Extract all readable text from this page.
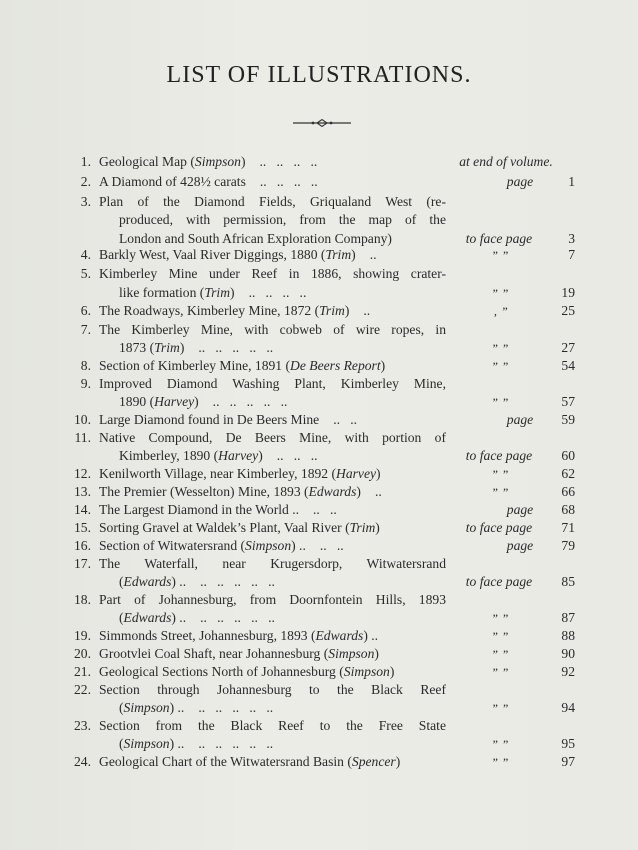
LIST OF ILLUSTRATIONS.
1. Geological Map (Simpson) ..   ..   ..   ..	at end of volume.
2. A Diamond of 428½ carats ..   ..   ..   ..	page	1
3. Plan of the Diamond Fields, Griqualand West (re-
produced, with permission, from the map of the
London and South African Exploration Company)	to face page	3
4. Barkly West, Vaal River Diggings, 1880 (Trim) ..	” ”	7
5. Kimberley Mine under Reef in 1886, showing crater-
like formation (Trim) ..   ..   ..   ..	” ”	19
6. The Roadways, Kimberley Mine, 1872 (Trim) ..	‚ ”	25
7. The Kimberley Mine, with cobweb of wire ropes, in
1873 (Trim) ..   ..   ..   ..   ..	” ”	27
8. Section of Kimberley Mine, 1891 (De Beers Report)	” ”	54
9. Improved Diamond Washing Plant, Kimberley Mine,
1890 (Harvey) ..   ..   ..   ..   ..	” ”	57
10. Large Diamond found in De Beers Mine ..   ..	page	59
11. Native Compound, De Beers Mine, with portion of
Kimberley, 1890 (Harvey) ..   ..   ..	to face page	60
12. Kenilworth Village, near Kimberley, 1892 (Harvey)	” ”	62
13. The Premier (Wesselton) Mine, 1893 (Edwards) ..	” ”	66
14. The Largest Diamond in the World .. ..   ..	page	68
15. Sorting Gravel at Waldek’s Plant, Vaal River (Trim)	to face page	71
16. Section of Witwatersrand (Simpson) .. ..   ..	page	79
17. The Waterfall, near Krugersdorp, Witwatersrand
(Edwards) .. ..   ..   ..   ..   ..	to face page	85
18. Part of Johannesburg, from Doornfontein Hills, 1893
(Edwards) .. ..   ..   ..   ..   ..	” ”	87
19. Simmonds Street, Johannesburg, 1893 (Edwards) ..	” ”	88
20. Grootvlei Coal Shaft, near Johannesburg (Simpson)	” ”	90
21. Geological Sections North of Johannesburg (Simpson)	” ”	92
22. Section through Johannesburg to the Black Reef
(Simpson) .. ..   ..   ..   ..   ..	” ”	94
23. Section from the Black Reef to the Free State
(Simpson) .. ..   ..   ..   ..   ..	” ”	95
24. Geological Chart of the Witwatersrand Basin (Spencer)	” ”	97
